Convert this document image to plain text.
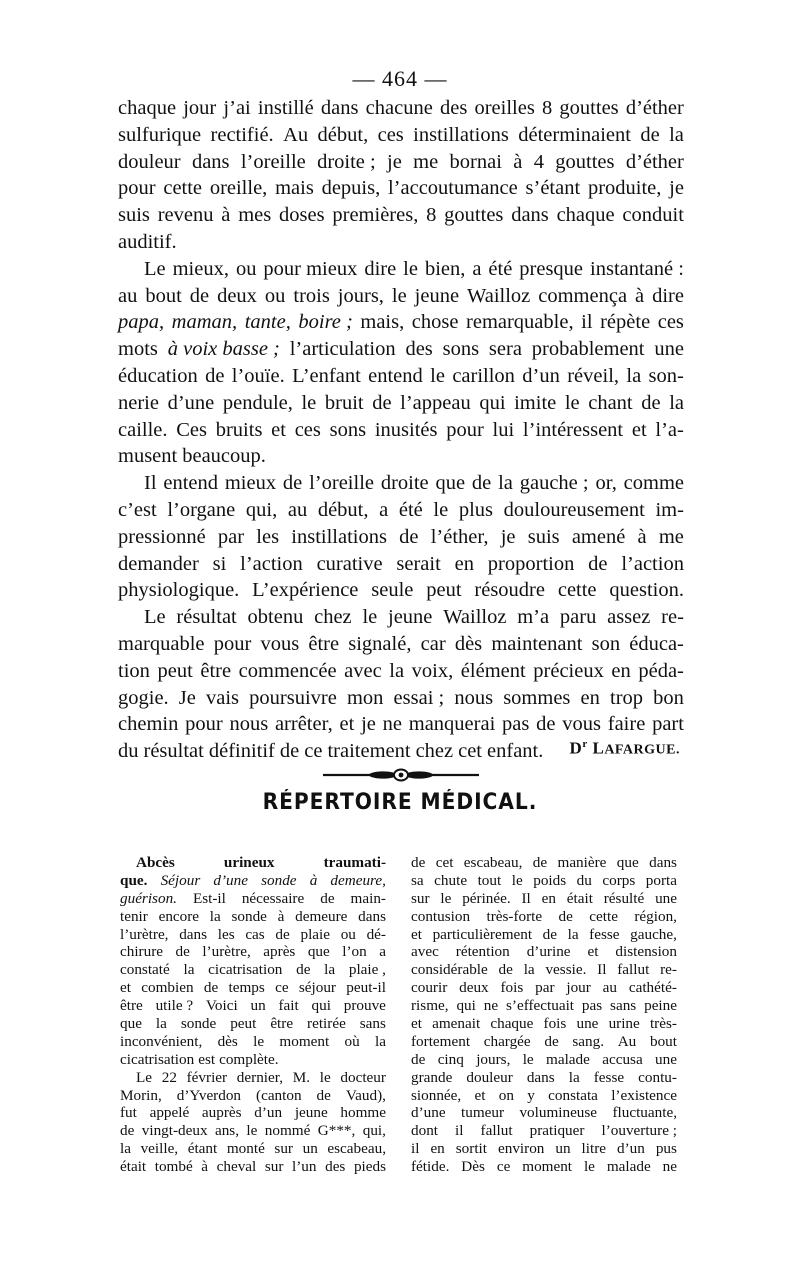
— 464 —
chaque jour j’ai instillé dans chacune des oreilles 8 gouttes d’éther
sulfurique rectifié. Au début, ces instillations déterminaient de la
douleur dans l’oreille droite ; je me bornai à 4 gouttes d’éther
pour cette oreille, mais depuis, l’accoutumance s’étant produite, je
suis revenu à mes doses premières, 8 gouttes dans chaque conduit
auditif.
Le mieux, ou pour mieux dire le bien, a été presque instantané :
au bout de deux ou trois jours, le jeune Wailloz commença à dire
papa, maman, tante, boire ; mais, chose remarquable, il répète ces
mots à voix basse ; l’articulation des sons sera probablement une
éducation de l’ouïe. L’enfant entend le carillon d’un réveil, la son-
nerie d’une pendule, le bruit de l’appeau qui imite le chant de la
caille. Ces bruits et ces sons inusités pour lui l’intéressent et l’a-
musent beaucoup.
Il entend mieux de l’oreille droite que de la gauche ; or, comme
c’est l’organe qui, au début, a été le plus douloureusement im-
pressionné par les instillations de l’éther, je suis amené à me
demander si l’action curative serait en proportion de l’action
physiologique. L’expérience seule peut résoudre cette question.
Le résultat obtenu chez le jeune Wailloz m’a paru assez re-
marquable pour vous être signalé, car dès maintenant son éduca-
tion peut être commencée avec la voix, élément précieux en péda-
gogie. Je vais poursuivre mon essai ; nous sommes en trop bon
chemin pour nous arrêter, et je ne manquerai pas de vous faire part
du résultat définitif de ce traitement chez cet enfant. $D^r$ LAFARGUE.
RÉPERTOIRE MÉDICAL.
Abcès	urineux	traumati-
que. Séjour d’une sonde à demeure,
guérison. Est-il nécessaire de main-
tenir encore la sonde à demeure dans
l’urètre, dans les cas de plaie ou dé-
chirure de l’urètre, après que l’on a
constaté la cicatrisation de la plaie ,
et combien de temps ce séjour peut-il
être utile ? Voici un fait qui prouve
que la sonde peut être retirée sans
inconvénient, dès le moment où la
cicatrisation est complète.
Le 22 février dernier, M. le docteur
Morin, d’Yverdon (canton de Vaud),
fut appelé auprès d’un jeune homme
de vingt-deux ans, le nommé G***, qui,
la veille, étant monté sur un escabeau,
était tombé à cheval sur l’un des pieds
de cet escabeau, de manière que dans
sa chute tout le poids du corps porta
sur le périnée. Il en était résulté une
contusion très-forte de cette région,
et particulièrement de la fesse gauche,
avec rétention d’urine et distension
considérable de la vessie. Il fallut re-
courir deux fois par jour au cathété-
risme, qui ne s’effectuait pas sans peine
et amenait chaque fois une urine très-
fortement chargée de sang. Au bout
de cinq jours, le malade accusa une
grande douleur dans la fesse contu-
sionnée, et on y constata l’existence
d’une tumeur volumineuse fluctuante,
dont il fallut pratiquer l’ouverture ;
il en sortit environ un litre d’un pus
fétide. Dès ce moment le malade ne
